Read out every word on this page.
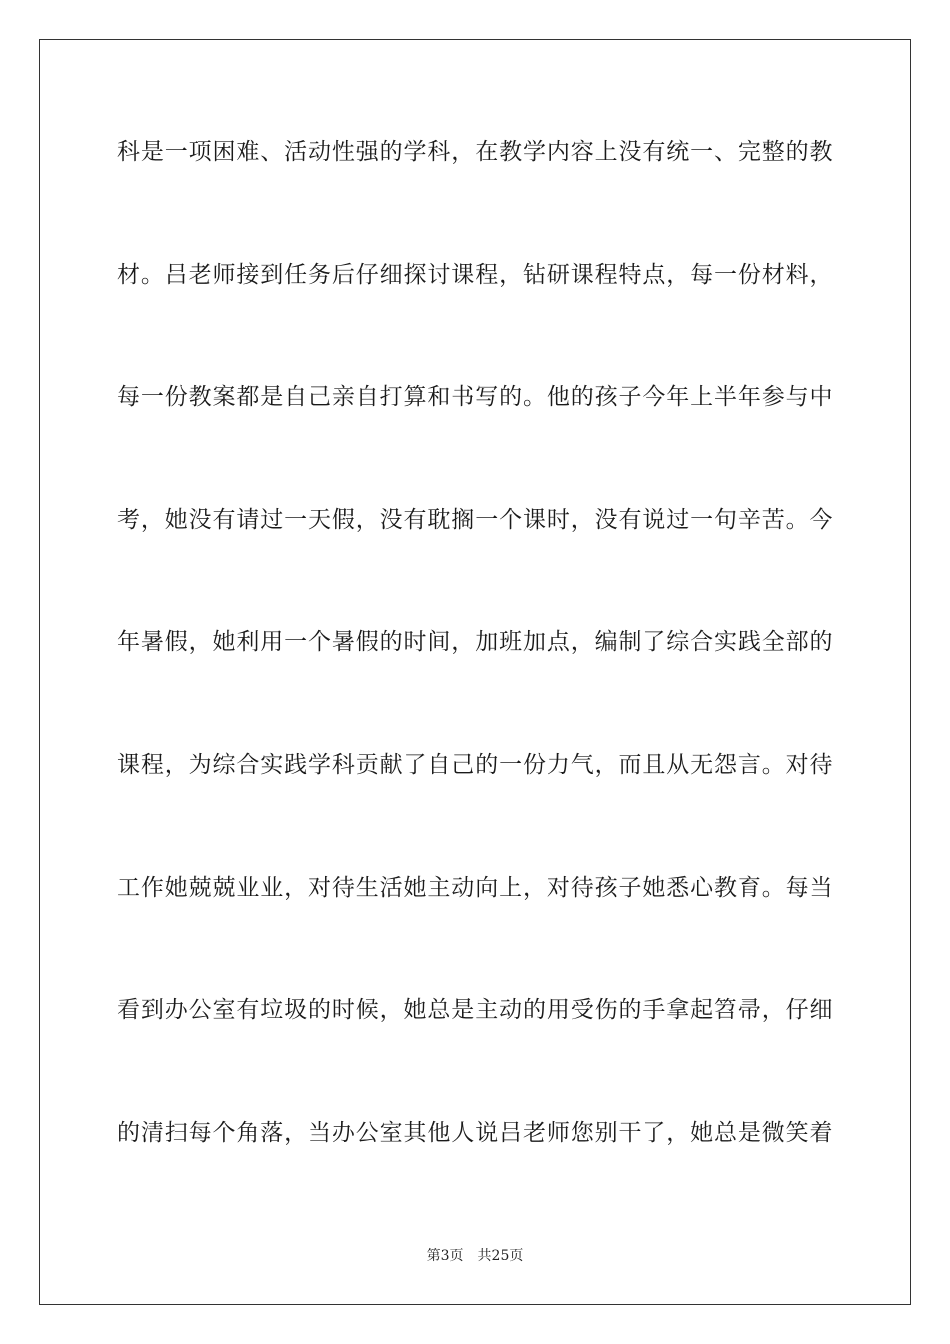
科是一项困难、活动性强的学科，在教学内容上没有统一、完整的教
材。吕老师接到任务后仔细探讨课程，钻研课程特点，每一份材料，
每一份教案都是自己亲自打算和书写的。他的孩子今年上半年参与中
考，她没有请过一天假，没有耽搁一个课时，没有说过一句辛苦。今
年暑假，她利用一个暑假的时间，加班加点，编制了综合实践全部的
课程，为综合实践学科贡献了自己的一份力气，而且从无怨言。对待
工作她兢兢业业，对待生活她主动向上，对待孩子她悉心教育。每当
看到办公室有垃圾的时候，她总是主动的用受伤的手拿起笤帚，仔细
的清扫每个角落，当办公室其他人说吕老师您别干了，她总是微笑着
第3页 共25页
